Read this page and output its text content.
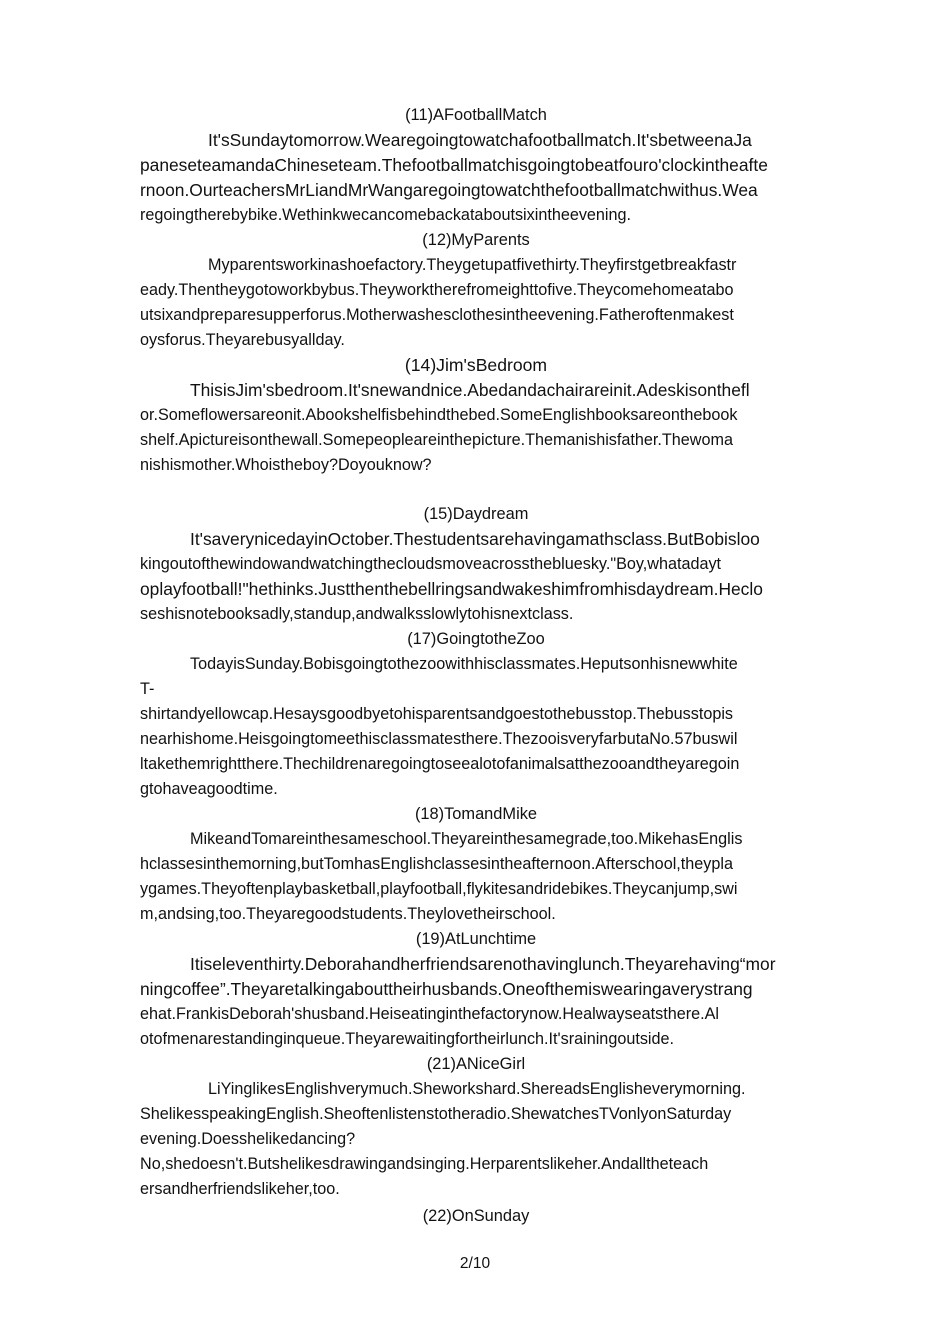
(11)AFootballMatch
It'sSundaytomorrow.Wearegoingtowatchafootballmatch.It'sbetweenaJa
paneseteamandaChineseteam.Thefootballmatchisgoingtobeatfouro'clockintheafte
rnoon.OurteachersMrLiandMrWangaregoingtowatchthefootballmatchwithus.Wea
regoingtherebybike.Wethinkwecancomebackataboutsixintheevening.
(12)MyParents
Myparentsworkinashoefactory.Theygetupatfivethirty.Theyfirstgetbreakfastr
eady.Thentheygotoworkbybus.Theyworktherefromeighttofive.Theycomehomeatabo
utsixandpreparesupperforus.Motherwashesclothesintheevening.Fatheroftenmakest
oysforus.Theyarebusyallday.
(14)Jim'sBedroom
ThisisJim'sbedroom.It'snewandnice.Abedandachairareinit.Adeskisonthefl
or.Someflowersareonit.Abookshelfisbehindthebed.SomeEnglishbooksareonthebook
shelf.Apictureisonthewall.Somepeopleareinthepicture.Themanishisfather.Thewoma
nishismother.Whoistheboy?Doyouknow?
(15)Daydream
It'saverynicedayinOctober.Thestudentsarehavingamathsclass.ButBobisloo
kingoutofthewindowandwatchingthecloudsmoveacrossthebluesky."Boy,whatadayt
oplayfootball!"hethinks.Justthenthebellringsandwakeshimfromhisdaydream.Heclo
seshisnotebooksadly,standup,andwalksslowlytohisnextclass.
(17)GoingtotheZoo
TodayisSunday.Bobisgoingtothezoowithhisclassmates.Heputsonhisnewwhite
T-
shirtandyellowcap.Hesaysgoodbyetohisparentsandgoestothebusstop.Thebusstopis
nearhishome.Heisgoingtomeethisclassmatesthere.ThezooisveryfarbutaNo.57buswil
ltakethemrightthere.Thechildrenaregoingtoseealotofanimalsatthezooandtheyaregoin
gtohaveagoodtime.
(18)TomandMike
MikeandTomareinthesameschool.Theyareinthesamegrade,too.MikehasEnglis
hclassesinthemorning,butTomhasEnglishclassesintheafternoon.Afterschool,theypla
ygames.Theyoftenplaybasketball,playfootball,flykitesandridebikes.Theycanjump,swi
m,andsing,too.Theyaregoodstudents.Theylovetheirschool.
(19)AtLunchtime
Itiseleventhirty.Deborahandherfriendsarenothavinglunch.Theyarehaving“mor
ningcoffee”.Theyaretalkingabouttheirhusbands.Oneofthemiswearingaverystrang
ehat.FrankisDeborah'shusband.Heiseatinginthefactorynow.Healwayseatsthere.Al
otofmenarestandinginqueue.Theyarewaitingfortheirlunch.It'srainingoutside.
(21)ANiceGirl
LiYinglikesEnglishverymuch.Sheworkshard.ShereadsEnglisheverymorning.
ShelikesspeakingEnglish.Sheoftenlistenstotheradio.ShewatchesTVonlyonSaturday
evening.Doesshelikedancing?
No,shedoesn't.Butshelikesdrawingandsinging.Herparentslikeher.Andalltheteach
ersandherfriendslikeher,too.
(22)OnSunday
2/10
